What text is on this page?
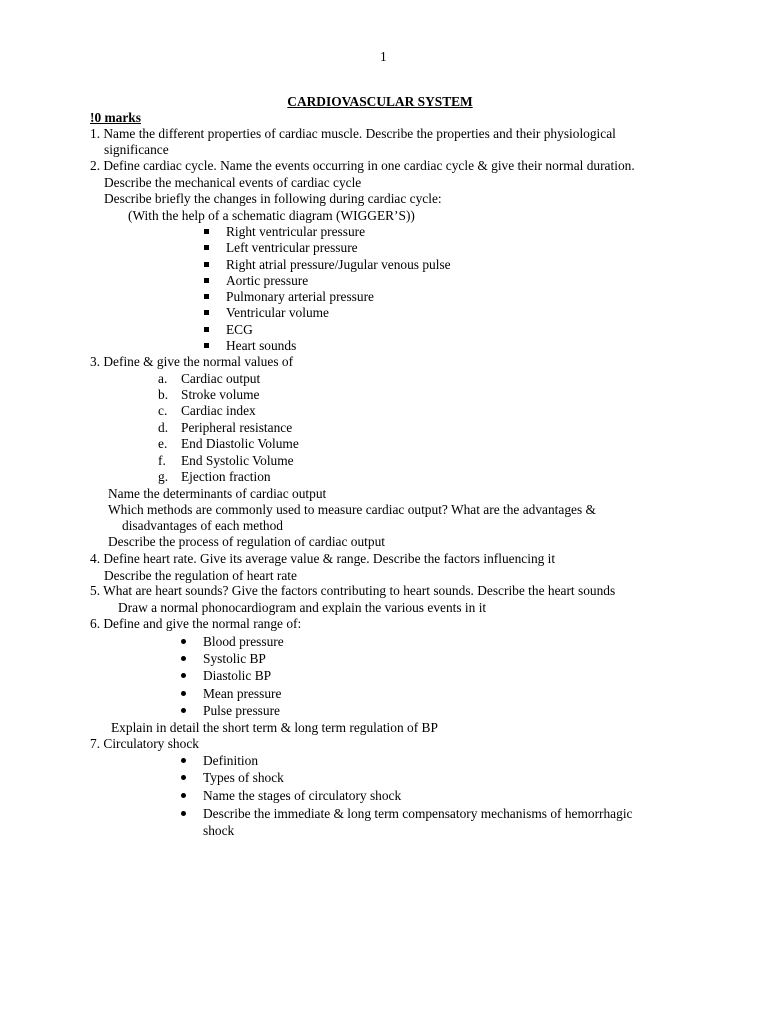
1
CARDIOVASCULAR SYSTEM
!0 marks
1. Name the different properties of cardiac muscle. Describe the properties and their physiological
significance
2. Define cardiac cycle. Name the events occurring in one cardiac cycle & give their normal duration.
Describe the mechanical events of cardiac cycle
Describe briefly the changes in following during cardiac cycle:
(With the help of a schematic diagram (WIGGER’S))
Right ventricular pressure
Left ventricular pressure
Right atrial pressure/Jugular venous pulse
Aortic pressure
Pulmonary arterial pressure
Ventricular volume
ECG
Heart sounds
3. Define & give the normal values of
a. Cardiac output
b. Stroke volume
c. Cardiac index
d. Peripheral resistance
e. End Diastolic Volume
f. End Systolic Volume
g. Ejection fraction
Name the determinants of cardiac output
Which methods are commonly used to measure cardiac output? What are the advantages &
disadvantages of each method
Describe the process of regulation of cardiac output
4. Define heart rate. Give its average value & range. Describe the factors influencing it
Describe the regulation of heart rate
5. What are heart sounds? Give the factors contributing to heart sounds. Describe the heart sounds
Draw a normal phonocardiogram and explain the various events in it
6. Define and give the normal range of:
Blood pressure
Systolic BP
Diastolic BP
Mean pressure
Pulse pressure
Explain in detail the short term & long term regulation of BP
7. Circulatory shock
Definition
Types of shock
Name the stages of circulatory shock
Describe the immediate & long term compensatory mechanisms of hemorrhagic
shock
